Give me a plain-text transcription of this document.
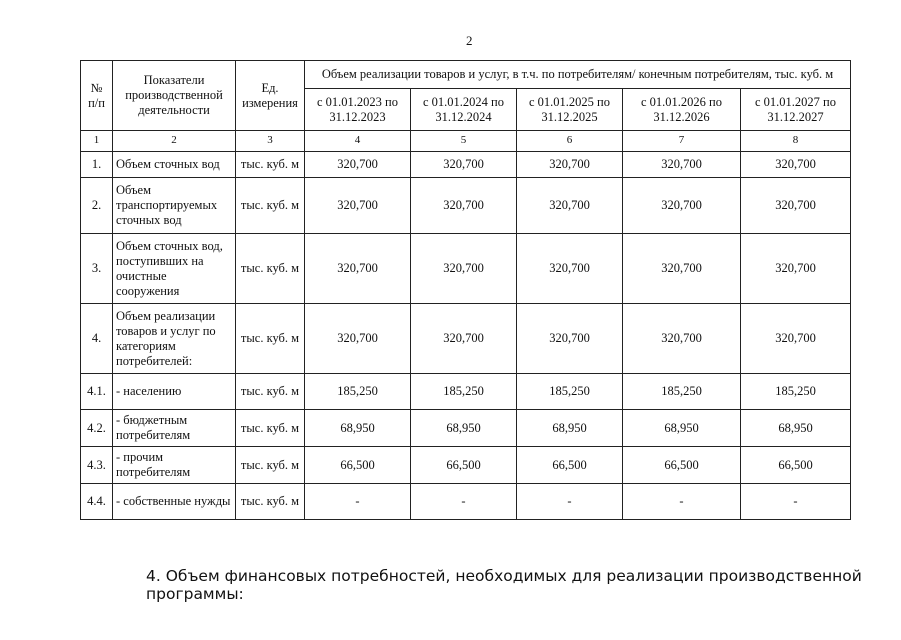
2
№ п/п	Показатели производственной деятельности	Ед. измерения	Объем реализации товаров и услуг, в т.ч. по потребителям/ конечным потребителям, тыс. куб. м				
			с 01.01.2023 по 31.12.2023	с 01.01.2024 по 31.12.2024	с 01.01.2025 по 31.12.2025	с 01.01.2026 по 31.12.2026	с 01.01.2027 по 31.12.2027
1	2	3	4	5	6	7	8
1.	Объем сточных вод	тыс. куб. м	320,700	320,700	320,700	320,700	320,700
2.	Объем транспортируемых сточных вод	тыс. куб. м	320,700	320,700	320,700	320,700	320,700
3.	Объем сточных вод, поступивших на очистные сооружения	тыс. куб. м	320,700	320,700	320,700	320,700	320,700
4.	Объем реализации товаров и услуг по категориям потребителей:	тыс. куб. м	320,700	320,700	320,700	320,700	320,700
4.1.	- населению	тыс. куб. м	185,250	185,250	185,250	185,250	185,250
4.2.	- бюджетным потребителям	тыс. куб. м	68,950	68,950	68,950	68,950	68,950
4.3.	- прочим потребителям	тыс. куб. м	66,500	66,500	66,500	66,500	66,500
4.4.	- собственные нужды	тыс. куб. м	-	-	-	-	-
4. Объем финансовых потребностей, необходимых для реализации производственной программы:
